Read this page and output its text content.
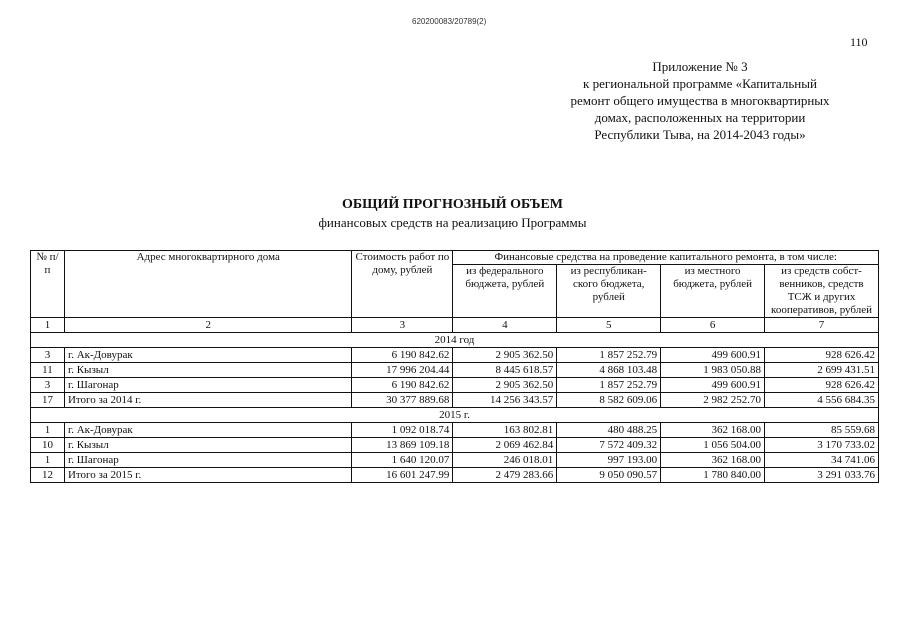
620200083/20789(2)
110
Приложение № 3
к региональной программе «Капитальный
ремонт общего имущества в многоквартирных
домах, расположенных на территории
Республики Тыва, на 2014-2043 годы»
ОБЩИЙ ПРОГНОЗНЫЙ ОБЪЕМ
финансовых средств на реализацию Программы
№ п/п	Адрес многоквартирного дома	Стоимость работ по дому, рублей	Финансовые средства на проведение капитального ремонта, в том числе:			
			из федерального бюджета, рублей	из республикан-ского бюджета, рублей	из местного бюджета, рублей	из средств собст-венников, средств ТСЖ и других кооперативов, рублей
1	2	3	4	5	6	7
2014 год						
3	г. Ак-Довурак	6 190 842.62	2 905 362.50	1 857 252.79	499 600.91	928 626.42
11	г. Кызыл	17 996 204.44	8 445 618.57	4 868 103.48	1 983 050.88	2 699 431.51
3	г. Шагонар	6 190 842.62	2 905 362.50	1 857 252.79	499 600.91	928 626.42
17	Итого за 2014 г.	30 377 889.68	14 256 343.57	8 582 609.06	2 982 252.70	4 556 684.35
2015 г.						
1	г. Ак-Довурак	1 092 018.74	163 802.81	480 488.25	362 168.00	85 559.68
10	г. Кызыл	13 869 109.18	2 069 462.84	7 572 409.32	1 056 504.00	3 170 733.02
1	г. Шагонар	1 640 120.07	246 018.01	997 193.00	362 168.00	34 741.06
12	Итого за 2015 г.	16 601 247.99	2 479 283.66	9 050 090.57	1 780 840.00	3 291 033.76
